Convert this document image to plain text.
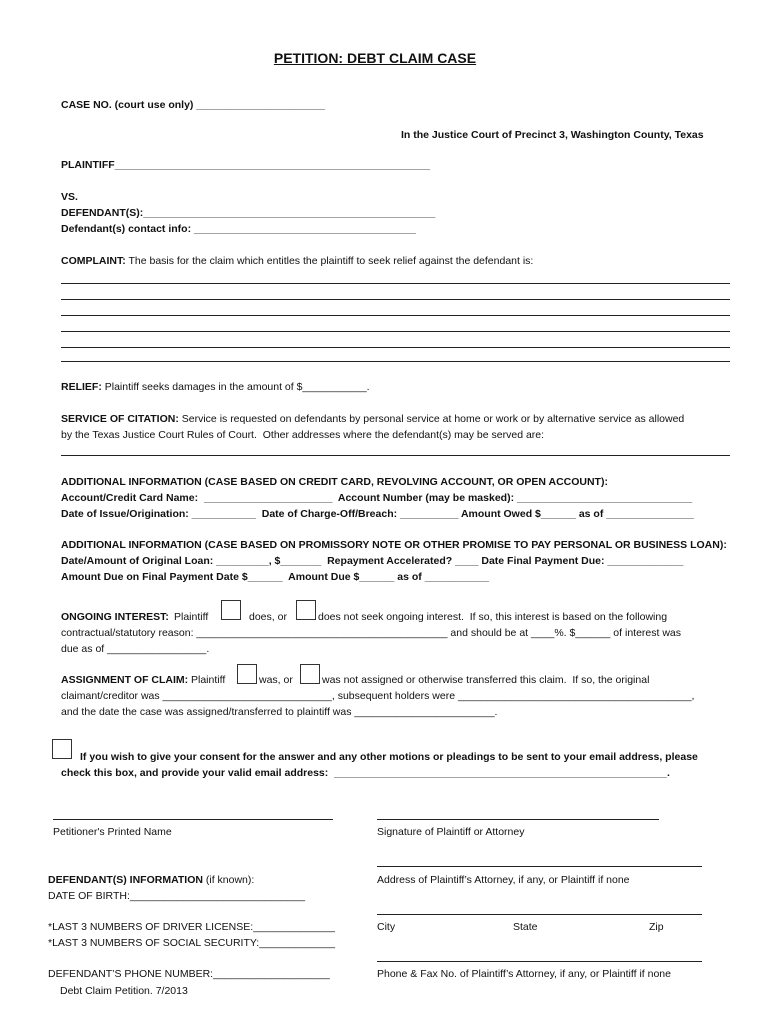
PETITION: DEBT CLAIM CASE
CASE NO. (court use only) ______________________
In the Justice Court of Precinct 3, Washington County, Texas
PLAINTIFF______________________________________________________
VS.
DEFENDANT(S):__________________________________________________
Defendant(s) contact info: ______________________________________
COMPLAINT: The basis for the claim which entitles the plaintiff to seek relief against the defendant is:
RELIEF: Plaintiff seeks damages in the amount of $___________.
SERVICE OF CITATION: Service is requested on defendants by personal service at home or work or by alternative service as allowed
by the Texas Justice Court Rules of Court.  Other addresses where the defendant(s) may be served are:
ADDITIONAL INFORMATION (CASE BASED ON CREDIT CARD, REVOLVING ACCOUNT, OR OPEN ACCOUNT):
Account/Credit Card Name:  ______________________  Account Number (may be masked): ______________________________
Date of Issue/Origination: ___________  Date of Charge-Off/Breach: __________ Amount Owed $______ as of _______________
ADDITIONAL INFORMATION (CASE BASED ON PROMISSORY NOTE OR OTHER PROMISE TO PAY PERSONAL OR BUSINESS LOAN):
Date/Amount of Original Loan: _________, $_______  Repayment Accelerated? ____ Date Final Payment Due: _____________
Amount Due on Final Payment Date $______  Amount Due $______ as of ___________
ONGOING INTEREST: Plaintiff	does, or	does not seek ongoing interest.  If so, this interest is based on the following
contractual/statutory reason: ___________________________________________ and should be at ____%. $______ of interest was
due as of _________________.
ASSIGNMENT OF CLAIM: Plaintiff	was, or	was not assigned or otherwise transferred this claim.  If so, the original
claimant/creditor was _____________________________, subsequent holders were ________________________________________,
and the date the case was assigned/transferred to plaintiff was ________________________.
If you wish to give your consent for the answer and any other motions or pleadings to be sent to your email address, please
check this box, and provide your valid email address:  _________________________________________________________.
Petitioner's Printed Name	Signature of Plaintiff or Attorney
Address of Plaintiff’s Attorney, if any, or Plaintiff if none
DEFENDANT(S) INFORMATION (if known):
DATE OF BIRTH:______________________________
City	State	Zip
*LAST 3 NUMBERS OF DRIVER LICENSE:______________
*LAST 3 NUMBERS OF SOCIAL SECURITY:_____________
Phone & Fax No. of Plaintiff’s Attorney, if any, or Plaintiff if none
DEFENDANT’S PHONE NUMBER:____________________
Debt Claim Petition. 7/2013
